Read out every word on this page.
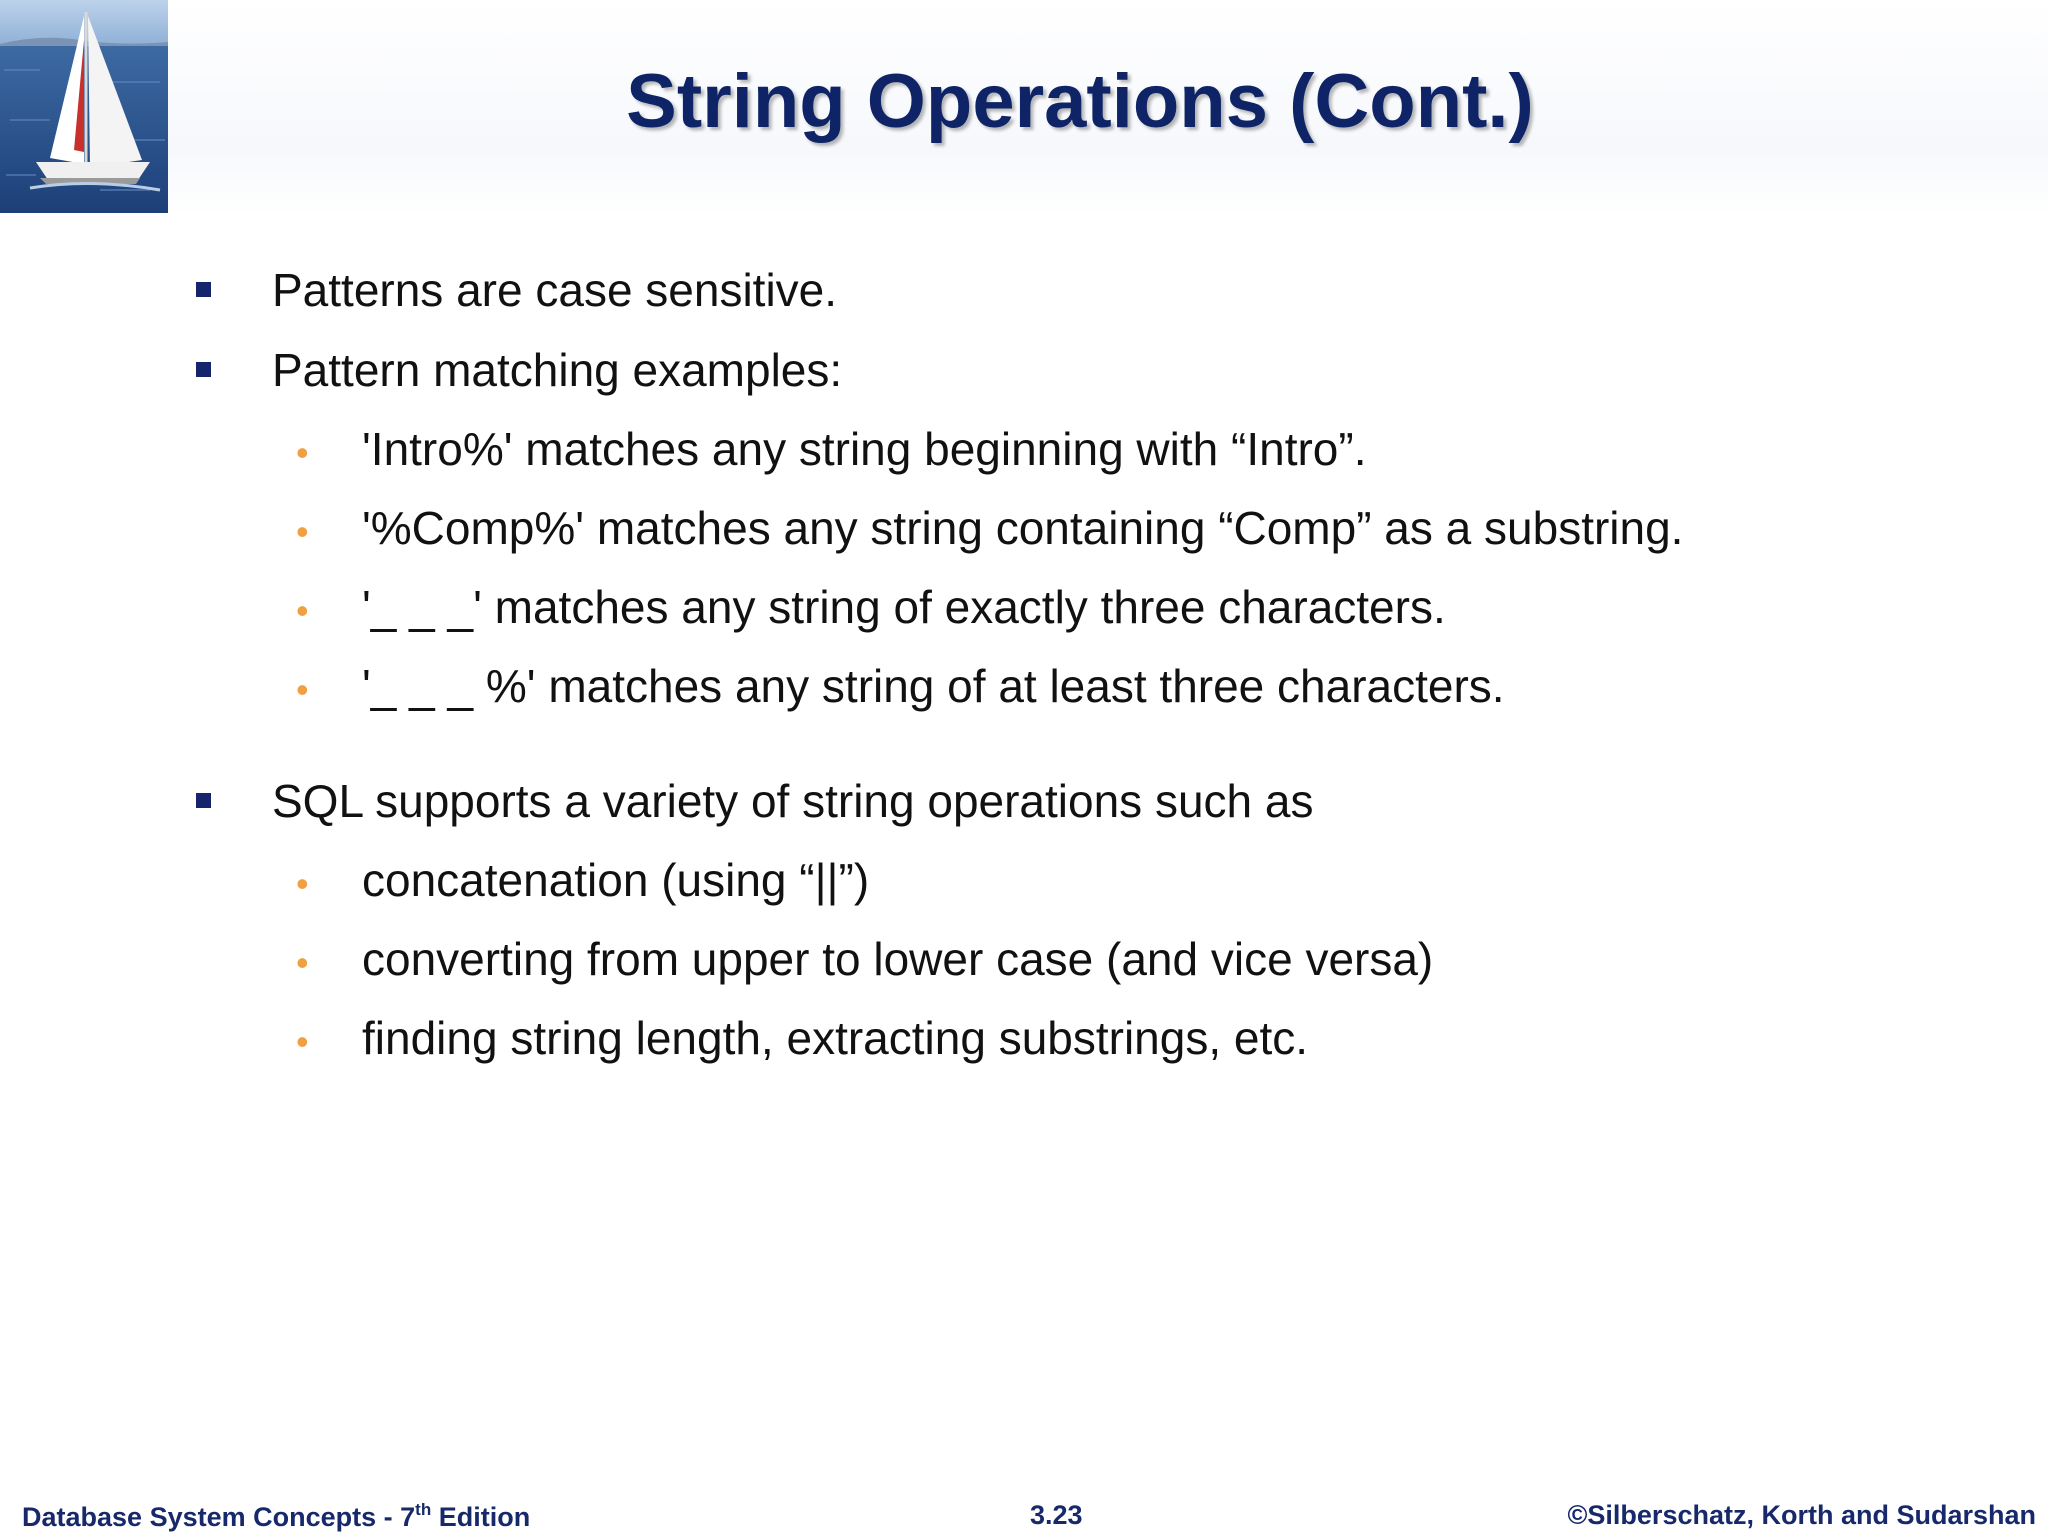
String Operations (Cont.)
Patterns are case sensitive.
Pattern matching examples:
• 'Intro%' matches any string beginning with “Intro”.
• '%Comp%' matches any string containing “Comp” as a substring.
• '_ _ _' matches any string of exactly three characters.
• '_ _ _ %' matches any string of at least three characters.
SQL supports a variety of string operations such as
• concatenation (using “||”)
• converting from upper to lower case (and vice versa)
• finding string length, extracting substrings, etc.
Database System Concepts - 7th Edition	3.23	©Silberschatz, Korth and Sudarshan
